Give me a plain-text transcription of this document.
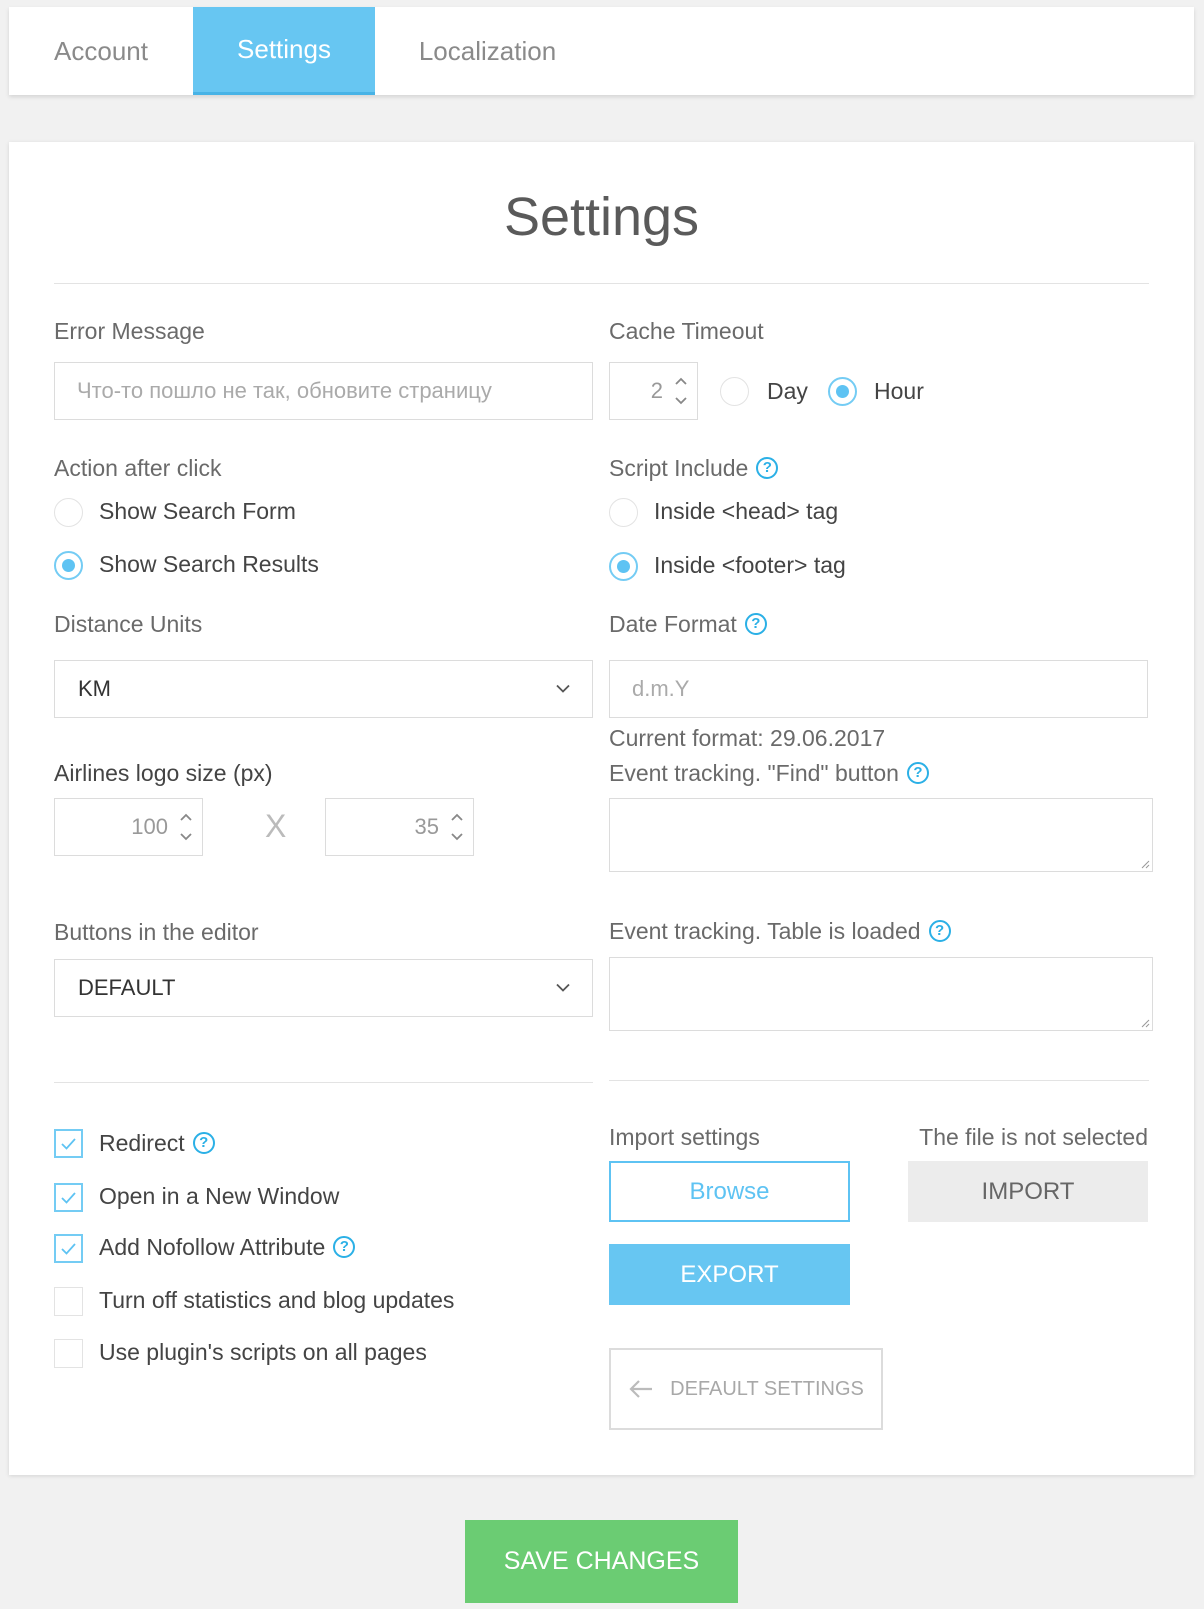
Account	Settings	Localization
Settings
Error Message
Что-то пошло не так, обновите страницу
Cache Timeout
2	Day	Hour
Action after click
Show Search Form
Show Search Results
Script Include ?
Inside <head> tag
Inside <footer> tag
Distance Units
KM
Date Format ?
d.m.Y
Current format: 29.06.2017
Airlines logo size (px)
100	X	35
Event tracking. "Find" button ?
Buttons in the editor
DEFAULT
Event tracking. Table is loaded ?
Redirect ?
Open in a New Window
Add Nofollow Attribute ?
Turn off statistics and blog updates
Use plugin's scripts on all pages
Import settings	The file is not selected
Browse	IMPORT
EXPORT
DEFAULT SETTINGS
SAVE CHANGES
